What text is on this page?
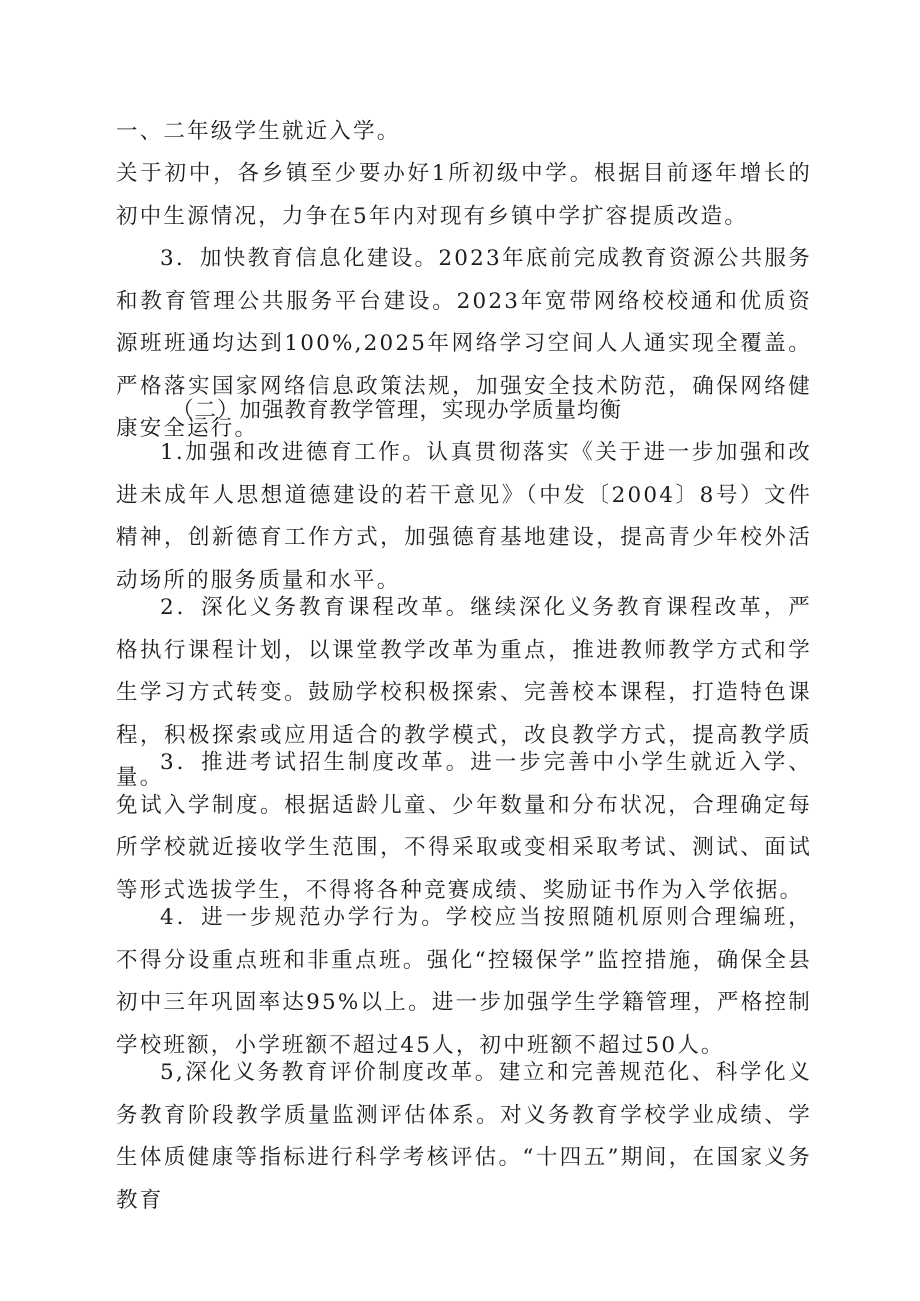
一、二年级学生就近入学。

关于初中，各乡镇至少要办好1所初级中学。根据目前逐年增长的初中生源情况，力争在5年内对现有乡镇中学扩容提质改造。

3．加快教育信息化建设。2023年底前完成教育资源公共服务和教育管理公共服务平台建设。2023年宽带网络校校通和优质资源班班通均达到100%,2025年网络学习空间人人通实现全覆盖。严格落实国家网络信息政策法规，加强安全技术防范，确保网络健康安全运行。

（二）加强教育教学管理，实现办学质量均衡

1.加强和改进德育工作。认真贯彻落实《关于进一步加强和改进未成年人思想道德建设的若干意见》（中发〔2004〕8号）文件精神，创新德育工作方式，加强德育基地建设，提高青少年校外活动场所的服务质量和水平。

2．深化义务教育课程改革。继续深化义务教育课程改革，严格执行课程计划，以课堂教学改革为重点，推进教师教学方式和学生学习方式转变。鼓励学校积极探索、完善校本课程，打造特色课程，积极探索或应用适合的教学模式，改良教学方式，提高教学质量。

3．推进考试招生制度改革。进一步完善中小学生就近入学、免试入学制度。根据适龄儿童、少年数量和分布状况，合理确定每所学校就近接收学生范围，不得采取或变相采取考试、测试、面试等形式选拔学生，不得将各种竞赛成绩、奖励证书作为入学依据。

4．进一步规范办学行为。学校应当按照随机原则合理编班，不得分设重点班和非重点班。强化“控辍保学”监控措施，确保全县初中三年巩固率达95%以上。进一步加强学生学籍管理，严格控制学校班额，小学班额不超过45人，初中班额不超过50人。

5,深化义务教育评价制度改革。建立和完善规范化、科学化义务教育阶段教学质量监测评估体系。对义务教育学校学业成绩、学生体质健康等指标进行科学考核评估。“十四五”期间，在国家义务教育
